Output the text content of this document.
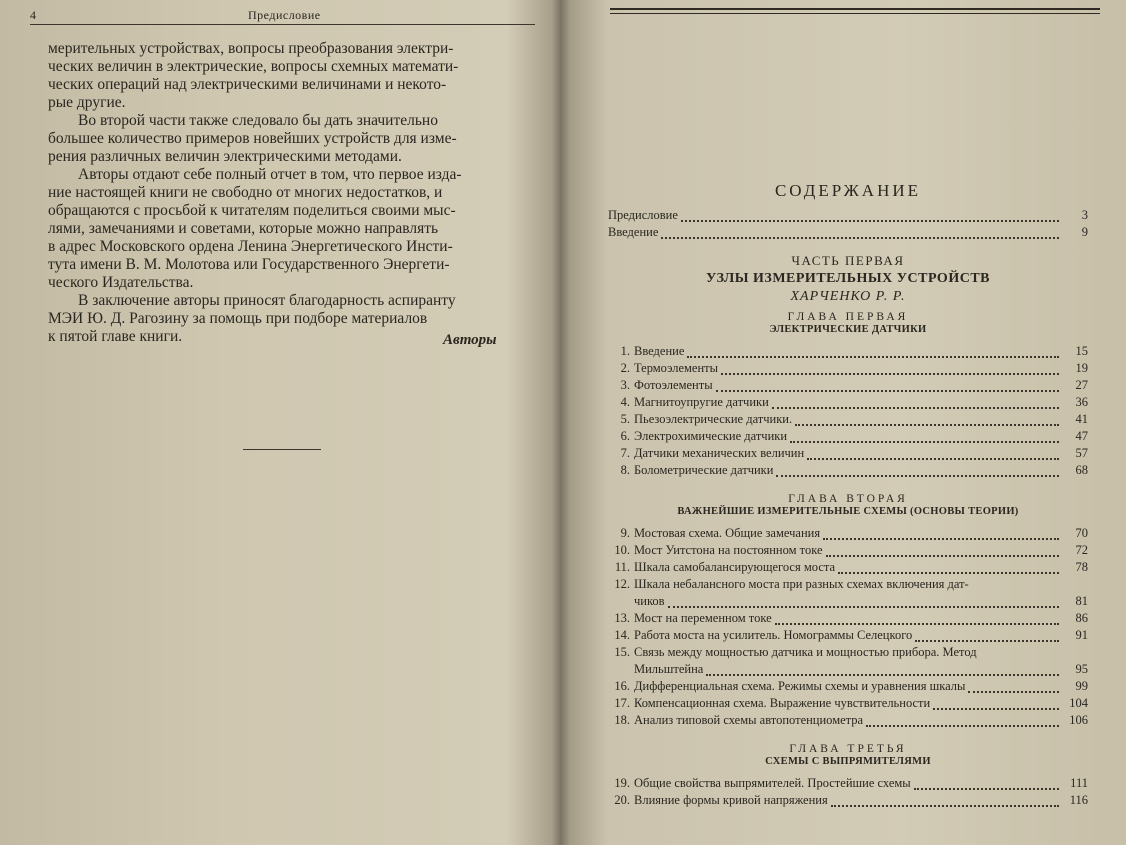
4	Предисловие

мерительных устройствах, вопросы преобразования электри-

ческих величин в электрические, вопросы схемных математи-

ческих операций над электрическими величинами и некото-

рые другие.

Во второй части также следовало бы дать значительно

большее количество примеров новейших устройств для изме-

рения различных величин электрическими методами.

Авторы отдают себе полный отчет в том, что первое изда-

ние настоящей книги не свободно от многих недостатков, и

обращаются с просьбой к читателям поделиться своими мыс-

лями, замечаниями и советами, которые можно направлять

в адрес Московского ордена Ленина Энергетического Инсти-

тута имени В. М. Молотова или Государственного Энергети-

ческого Издательства.

В заключение авторы приносят благодарность аспиранту

МЭИ Ю. Д. Рагозину за помощь при подборе материалов

к пятой главе книги.	Авторы
СОДЕРЖАНИЕ
Предисловие	3
Введение	9
ЧАСТЬ ПЕРВАЯ
УЗЛЫ ИЗМЕРИТЕЛЬНЫХ УСТРОЙСТВ
ХАРЧЕНКО Р. Р.
ГЛАВА ПЕРВАЯ
ЭЛЕКТРИЧЕСКИЕ ДАТЧИКИ
1. Введение	15
2. Термоэлементы	19
3. Фотоэлементы	27
4. Магнитоупругие датчики	36
5. Пьезоэлектрические датчики.	41
6. Электрохимические датчики	47
7. Датчики механических величин	57
8. Болометрические датчики	68
ГЛАВА ВТОРАЯ
ВАЖНЕЙШИЕ ИЗМЕРИТЕЛЬНЫЕ СХЕМЫ (ОСНОВЫ ТЕОРИИ)
9. Мостовая схема. Общие замечания	70
10. Мост Уитстона на постоянном токе	72
11. Шкала самобалансирующегося моста	78
12. Шкала небалансного моста при разных схемах включения дат-
чиков	81
13. Мост на переменном токе	86
14. Работа моста на усилитель. Номограммы Селецкого	91
15. Связь между мощностью датчика и мощностью прибора. Метод
Мильштейна	95
16. Дифференциальная схема. Режимы схемы и уравнения шкалы	99
17. Компенсационная схема. Выражение чувствительности	104
18. Анализ типовой схемы автопотенциометра	106
ГЛАВА ТРЕТЬЯ
СХЕМЫ С ВЫПРЯМИТЕЛЯМИ
19. Общие свойства выпрямителей. Простейшие схемы	111
20. Влияние формы кривой напряжения	116
